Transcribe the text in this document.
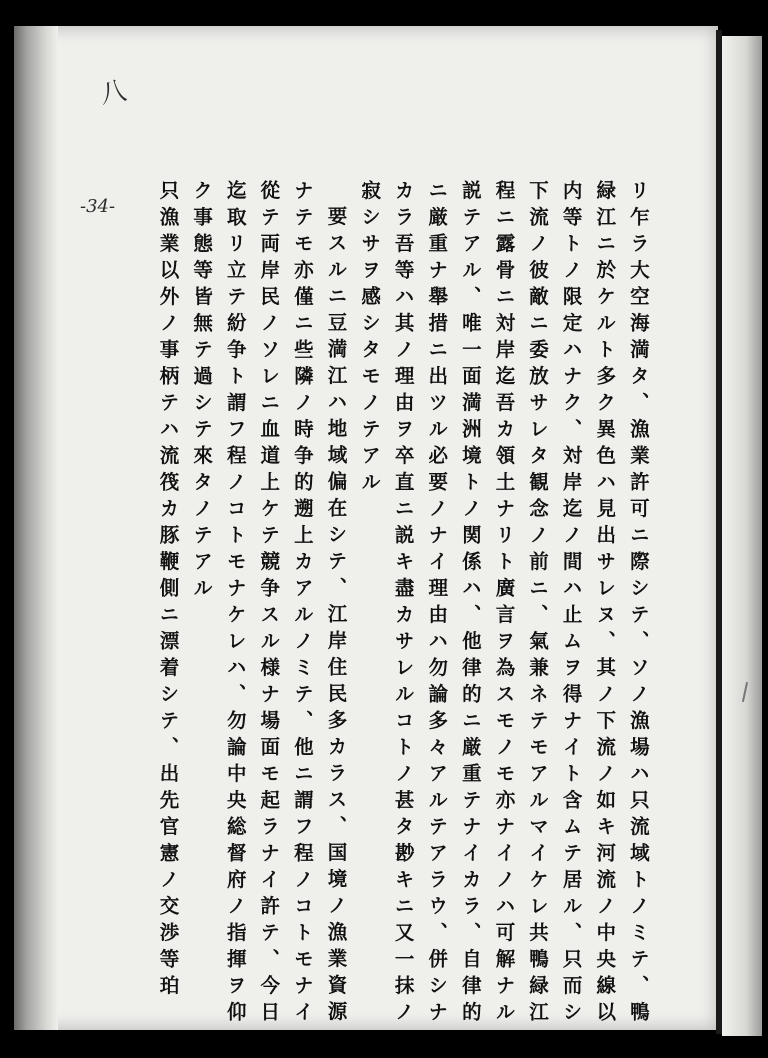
八
-34-	リ乍ラ大空海満タ、漁業許可ニ際シテ、ソノ漁場ハ只流域トノミテ、鴨
緑江ニ於ケルト多ク異色ハ見出サレヌ、其ノ下流ノ如キ河流ノ中央線以
内等トノ限定ハナク、対岸迄ノ間ハ止ムヲ得ナイト含ムテ居ル、只而シ
下流ノ彼敵ニ委放サレタ観念ノ前ニ、氣兼ネテモアルマイケレ共鴨緑江
程ニ露骨ニ対岸迄吾カ領土ナリト廣言ヲ為スモノモ亦ナイノハ可解ナル
説テアル、唯一面満洲境トノ関係ハ、他律的ニ厳重テナイカラ、自律的
ニ厳重ナ舉措ニ出ツル必要ノナイ理由ハ勿論多々アルテアラウ、併シナ
カラ吾等ハ其ノ理由ヲ卒直ニ説キ盡カサレルコトノ甚タ尠キニ又一抹ノ
寂シサヲ感シタモノテアル
要スルニ豆満江ハ地域偏在シテ、江岸住民多カラス、国境ノ漁業資源
ナテモ亦僅ニ些隣ノ時争的遡上カアルノミテ、他ニ謂フ程ノコトモナイ
從テ両岸民ノソレニ血道上ケテ競争スル様ナ場面モ起ラナイ許テ、今日
迄取リ立テ紛争ト謂フ程ノコトモナケレハ、勿論中央総督府ノ指揮ヲ仰
ク事態等皆無テ過シテ來タノテアル
只漁業以外ノ事柄テハ流筏カ豚鞭側ニ漂着シテ、出先官憲ノ交渉等珀
